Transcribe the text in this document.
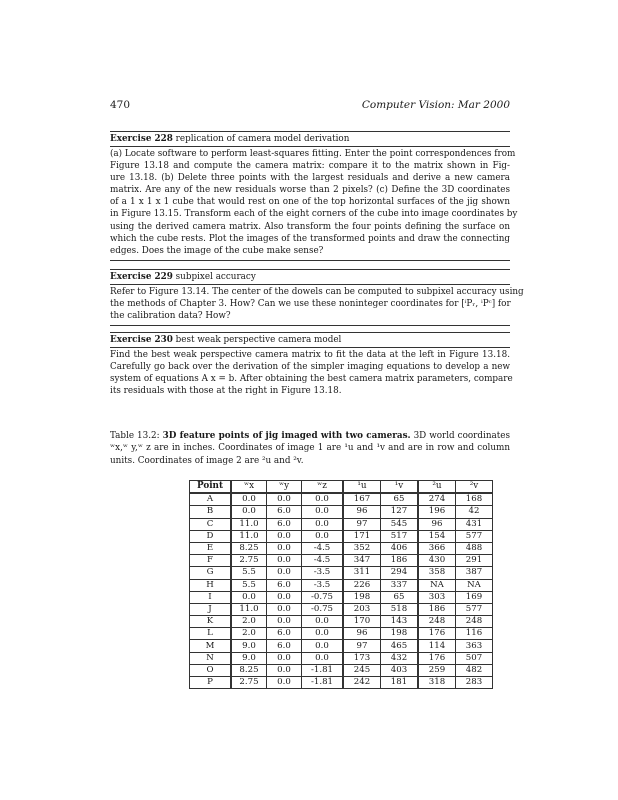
470	Computer Vision: Mar 2000
Exercise 228 replication of camera model derivation
(a) Locate software to perform least-squares fitting. Enter the point correspondences from
Figure 13.18 and compute the camera matrix: compare it to the matrix shown in Fig-
ure 13.18. (b) Delete three points with the largest residuals and derive a new camera
matrix. Are any of the new residuals worse than 2 pixels? (c) Define the 3D coordinates
of a 1 x 1 x 1 cube that would rest on one of the top horizontal surfaces of the jig shown
in Figure 13.15. Transform each of the eight corners of the cube into image coordinates by
using the derived camera matrix. Also transform the four points defining the surface on
which the cube rests. Plot the images of the transformed points and draw the connecting
edges. Does the image of the cube make sense?
Exercise 229 subpixel accuracy
Refer to Figure 13.14. The center of the dowels can be computed to subpixel accuracy using
the methods of Chapter 3. How? Can we use these noninteger coordinates for [ⁱPᵣ, ⁱPᶜ] for
the calibration data? How?
Exercise 230 best weak perspective camera model
Find the best weak perspective camera matrix to fit the data at the left in Figure 13.18.
Carefully go back over the derivation of the simpler imaging equations to develop a new
system of equations A x = b. After obtaining the best camera matrix parameters, compare
its residuals with those at the right in Figure 13.18.
Table 13.2: 3D feature points of jig imaged with two cameras. 3D world coordinates
ʷx,ʷ y,ʷ z are in inches. Coordinates of image 1 are ¹u and ¹v and are in row and column
units. Coordinates of image 2 are ²u and ²v.
Point	ʷx	ʷy	ʷz	¹u	¹v	²u	²v
A	0.0	0.0	0.0	167	65	274	168
B	0.0	6.0	0.0	96	127	196	42
C	11.0	6.0	0.0	97	545	96	431
D	11.0	0.0	0.0	171	517	154	577
E	8.25	0.0	-4.5	352	406	366	488
F	2.75	0.0	-4.5	347	186	430	291
G	5.5	0.0	-3.5	311	294	358	387
H	5.5	6.0	-3.5	226	337	NA	NA
I	0.0	0.0	-0.75	198	65	303	169
J	11.0	0.0	-0.75	203	518	186	577
K	2.0	0.0	0.0	170	143	248	248
L	2.0	6.0	0.0	96	198	176	116
M	9.0	6.0	0.0	97	465	114	363
N	9.0	0.0	0.0	173	432	176	507
O	8.25	0.0	-1.81	245	403	259	482
P	2.75	0.0	-1.81	242	181	318	283
